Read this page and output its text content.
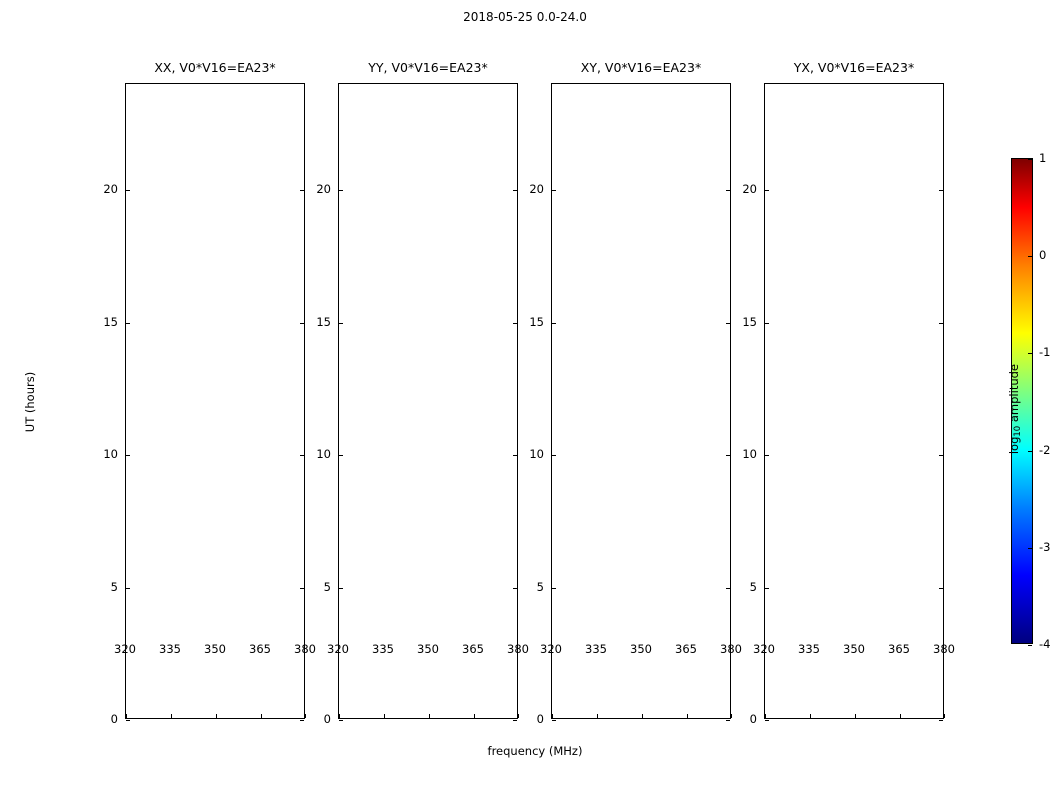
2018-05-25 0.0-24.0
XX, V0*V16=EA23*
0
5
10
15
20
320 335 350 365 380
UT (hours)
YY, V0*V16=EA23*
0
5
10
15
20
320 335 350 365 380
XY, V0*V16=EA23*
0
5
10
15
20
320 335 350 365 380
YX, V0*V16=EA23*
0
5
10
15
20
320 335 350 365 380
frequency (MHz)
-4
-3
-2
-1
0
1
$\log_{10}$ amplitude
